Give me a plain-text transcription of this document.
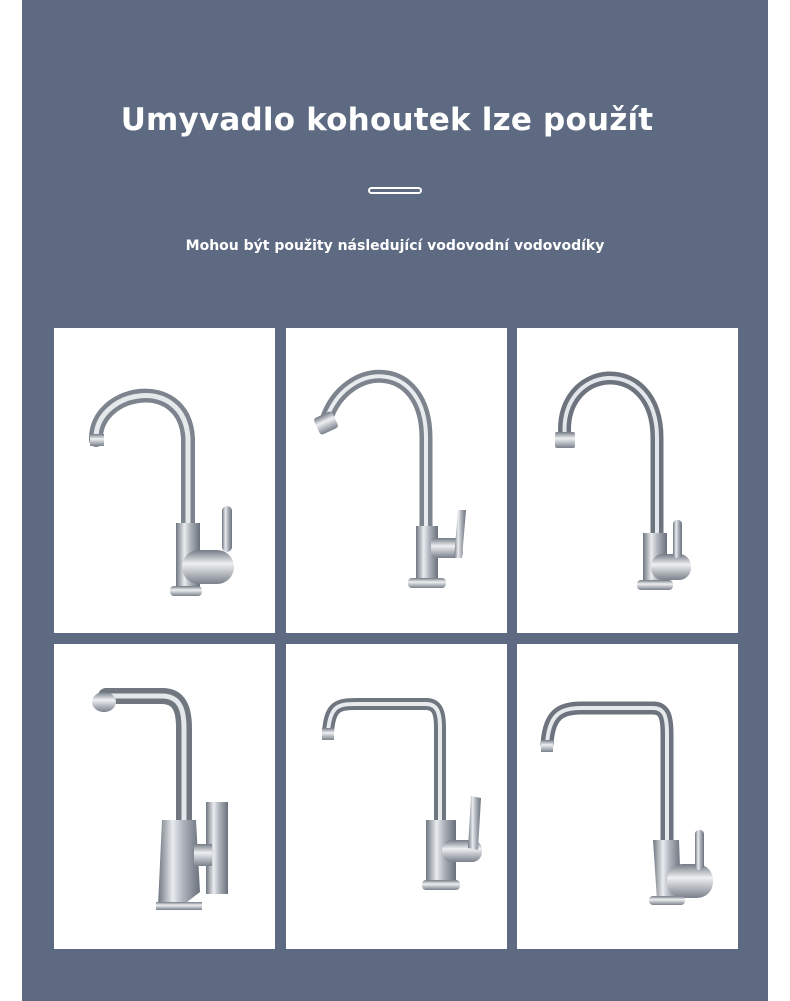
Umyvadlo kohoutek lze použít
Mohou být použity následující vodovodní vodovodíky
